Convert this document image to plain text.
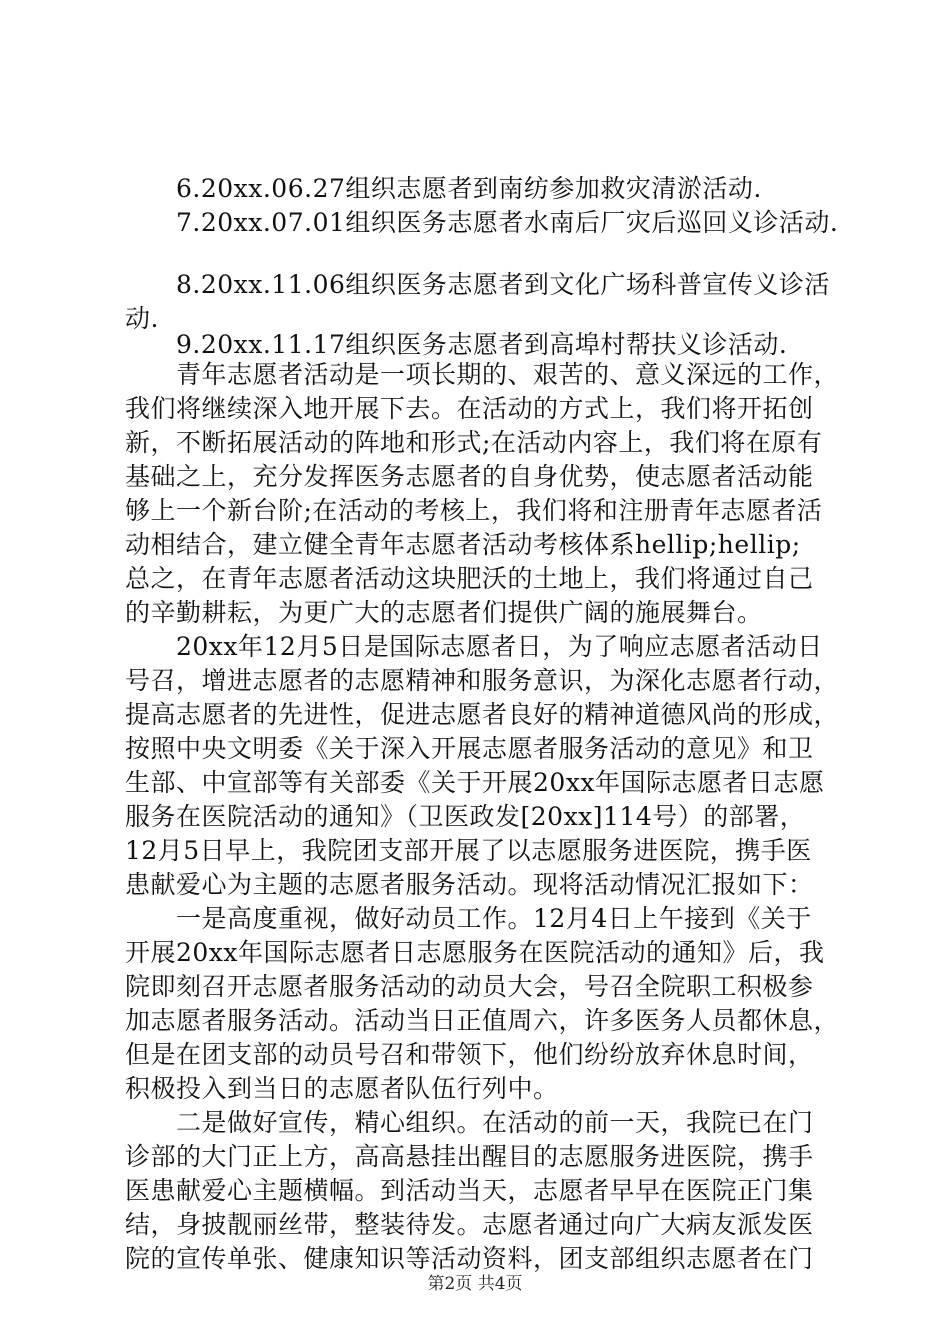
6.20xx.06.27组织志愿者到南纺参加救灾清淤活动.
7.20xx.07.01组织医务志愿者水南后厂灾后巡回义诊活动.
8.20xx.11.06组织医务志愿者到文化广场科普宣传义诊活
动.
9.20xx.11.17组织医务志愿者到高埠村帮扶义诊活动.
青年志愿者活动是一项长期的、艰苦的、意义深远的工作，
我们将继续深入地开展下去。在活动的方式上，我们将开拓创
新，不断拓展活动的阵地和形式;在活动内容上，我们将在原有
基础之上，充分发挥医务志愿者的自身优势，使志愿者活动能
够上一个新台阶;在活动的考核上，我们将和注册青年志愿者活
动相结合，建立健全青年志愿者活动考核体系hellip;hellip;
总之，在青年志愿者活动这块肥沃的土地上，我们将通过自己
的辛勤耕耘，为更广大的志愿者们提供广阔的施展舞台。
20xx年12月5日是国际志愿者日，为了响应志愿者活动日
号召，增进志愿者的志愿精神和服务意识，为深化志愿者行动，
提高志愿者的先进性，促进志愿者良好的精神道德风尚的形成，
按照中央文明委《关于深入开展志愿者服务活动的意见》和卫
生部、中宣部等有关部委《关于开展20xx年国际志愿者日志愿
服务在医院活动的通知》（卫医政发[20xx]114号）的部署，
12月5日早上，我院团支部开展了以志愿服务进医院，携手医
患献爱心为主题的志愿者服务活动。现将活动情况汇报如下：
一是高度重视，做好动员工作。12月4日上午接到《关于
开展20xx年国际志愿者日志愿服务在医院活动的通知》后，我
院即刻召开志愿者服务活动的动员大会，号召全院职工积极参
加志愿者服务活动。活动当日正值周六，许多医务人员都休息，
但是在团支部的动员号召和带领下，他们纷纷放弃休息时间，
积极投入到当日的志愿者队伍行列中。
二是做好宣传，精心组织。在活动的前一天，我院已在门
诊部的大门正上方，高高悬挂出醒目的志愿服务进医院，携手
医患献爱心主题横幅。到活动当天，志愿者早早在医院正门集
结，身披靓丽丝带，整装待发。志愿者通过向广大病友派发医
院的宣传单张、健康知识等活动资料，团支部组织志愿者在门
第2页 共4页
